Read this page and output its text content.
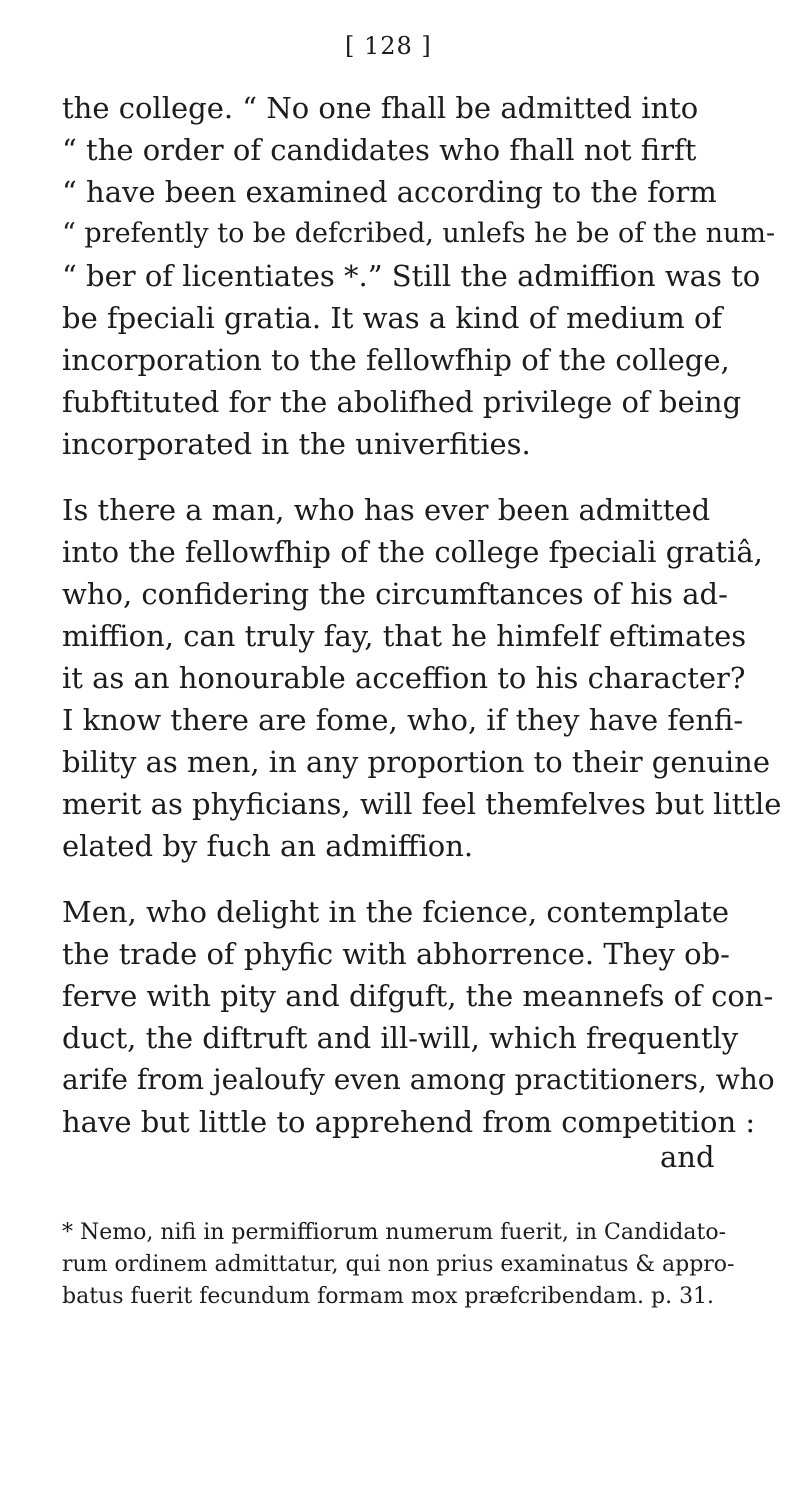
[ 128 ]
the college. “ No one fhall be admitted into
“ the order of candidates who fhall not firft
“ have been examined according to the form
“ prefently to be defcribed, unlefs he be of the num-
“ ber of licentiates *.” Still the admiffion was to
be fpeciali gratia. It was a kind of medium of
incorporation to the fellowfhip of the college,
fubftituted for the abolifhed privilege of being
incorporated in the univerfities.
Is there a man, who has ever been admitted
into the fellowfhip of the college fpeciali gratiâ,
who, confidering the circumftances of his ad-
miffion, can truly fay, that he himfelf eftimates
it as an honourable acceffion to his character?
I know there are fome, who, if they have fenfi-
bility as men, in any proportion to their genuine
merit as phyficians, will feel themfelves but little
elated by fuch an admiffion.
Men, who delight in the fcience, contemplate
the trade of phyfic with abhorrence. They ob-
ferve with pity and difguft, the meannefs of con-
duct, the diftruft and ill-will, which frequently
arife from jealoufy even among practitioners, who
have but little to apprehend from competition :
and
* Nemo, nifi in permiffiorum numerum fuerit, in Candidato-
rum ordinem admittatur, qui non prius examinatus & appro-
batus fuerit fecundum formam mox præfcribendam. p. 31.
